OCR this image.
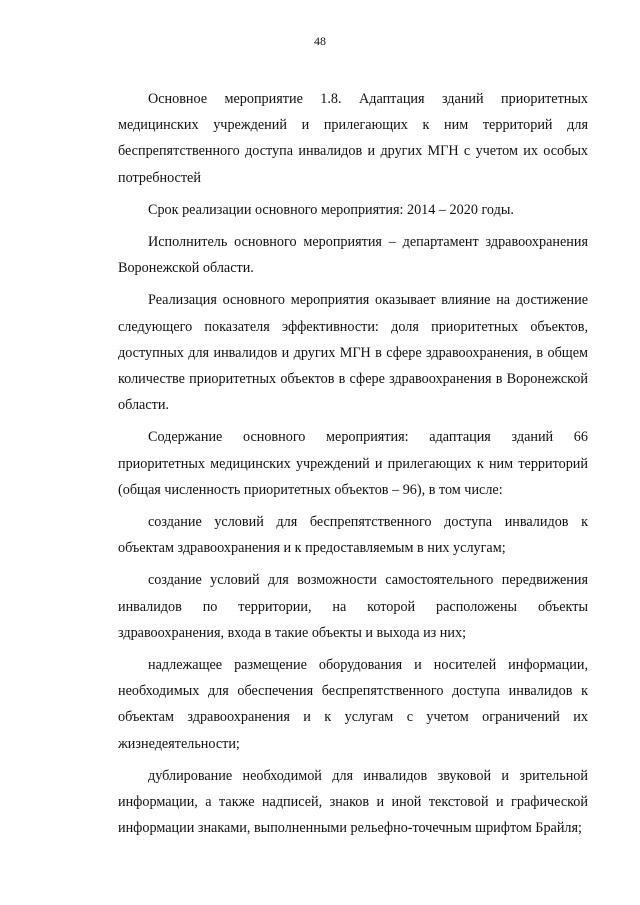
48

Основное мероприятие 1.8. Адаптация зданий приоритетных медицинских учреждений и прилегающих к ним территорий для беспрепятственного доступа инвалидов и других МГН с учетом их особых потребностей

Срок реализации основного мероприятия: 2014 – 2020 годы.

Исполнитель основного мероприятия – департамент здравоохранения Воронежской области.

Реализация основного мероприятия оказывает влияние на достижение следующего показателя эффективности: доля приоритетных объектов, доступных для инвалидов и других МГН в сфере здравоохранения, в общем количестве приоритетных объектов в сфере здравоохранения в Воронежской области.

Содержание основного мероприятия: адаптация зданий 66 приоритетных медицинских учреждений и прилегающих к ним территорий (общая численность приоритетных объектов – 96), в том числе:

создание условий для беспрепятственного доступа инвалидов к объектам здравоохранения и к предоставляемым в них услугам;

создание условий для возможности самостоятельного передвижения инвалидов по территории, на которой расположены объекты здравоохранения, входа в такие объекты и выхода из них;

надлежащее размещение оборудования и носителей информации, необходимых для обеспечения беспрепятственного доступа инвалидов к объектам здравоохранения и к услугам с учетом ограничений их жизнедеятельности;

дублирование необходимой для инвалидов звуковой и зрительной информации, а также надписей, знаков и иной текстовой и графической информации знаками, выполненными рельефно-точечным шрифтом Брайля;
